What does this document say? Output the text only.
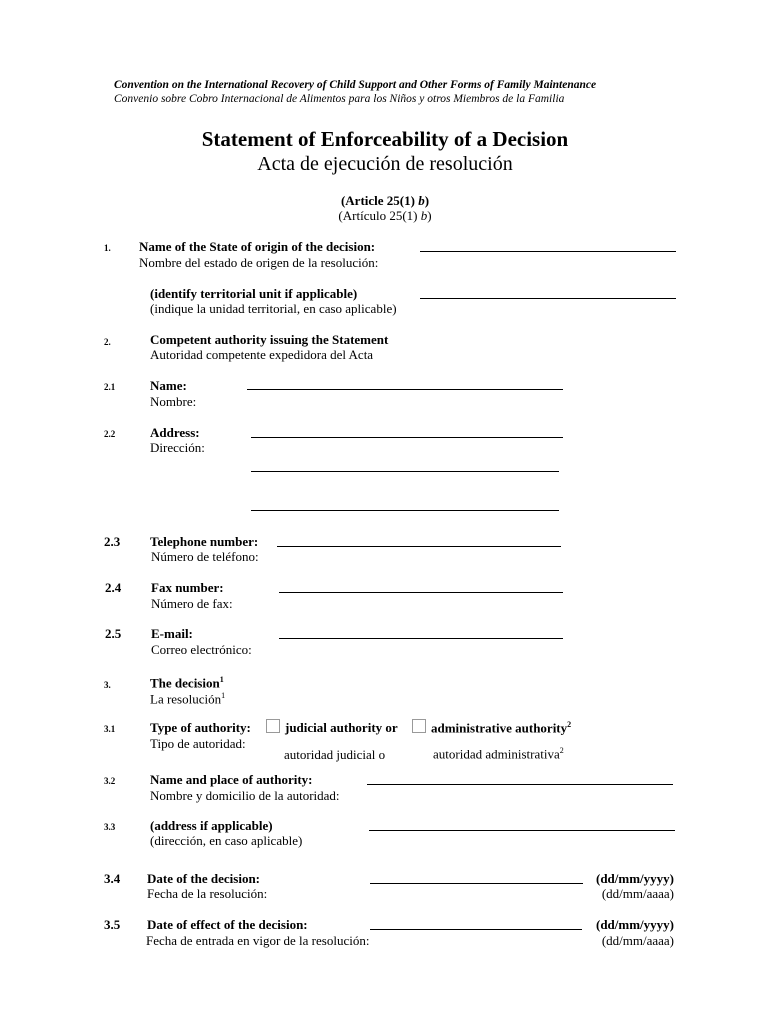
Convention on the International Recovery of Child Support and Other Forms of Family Maintenance
Convenio sobre Cobro Internacional de Alimentos para los Niños y otros Miembros de la Familia
Statement of Enforceability of a Decision
Acta de ejecución de resolución
(Article 25(1) b)
(Artículo 25(1) b)
1. Name of the State of origin of the decision:
Nombre del estado de origen de la resolución:
(identify territorial unit if applicable)
(indique la unidad territorial, en caso aplicable)
2.	Competent authority issuing the Statement
Autoridad competente expedidora del Acta
2.1	Name:
Nombre:
2.2	Address:
Dirección:
2.3 Telephone number:
Número de teléfono:
2.4 Fax number:
Número de fax:
2.5 E-mail:
Correo electrónico:
3.	The decision$^1$
La resolución$^1$
3.1	Type of authority:	judicial authority or	administrative authority$^2$
Tipo de autoridad:
autoridad judicial o	autoridad administrativa$^2$
3.2	Name and place of authority:
Nombre y domicilio de la autoridad:
3.3	(address if applicable)
(dirección, en caso aplicable)
3.4 Date of the decision:
Fecha de la resolución:
(dd/mm/yyyy)
(dd/mm/aaaa)
3.5 Date of effect of the decision:
Fecha de entrada en vigor de la resolución:
(dd/mm/yyyy)
(dd/mm/aaaa)
